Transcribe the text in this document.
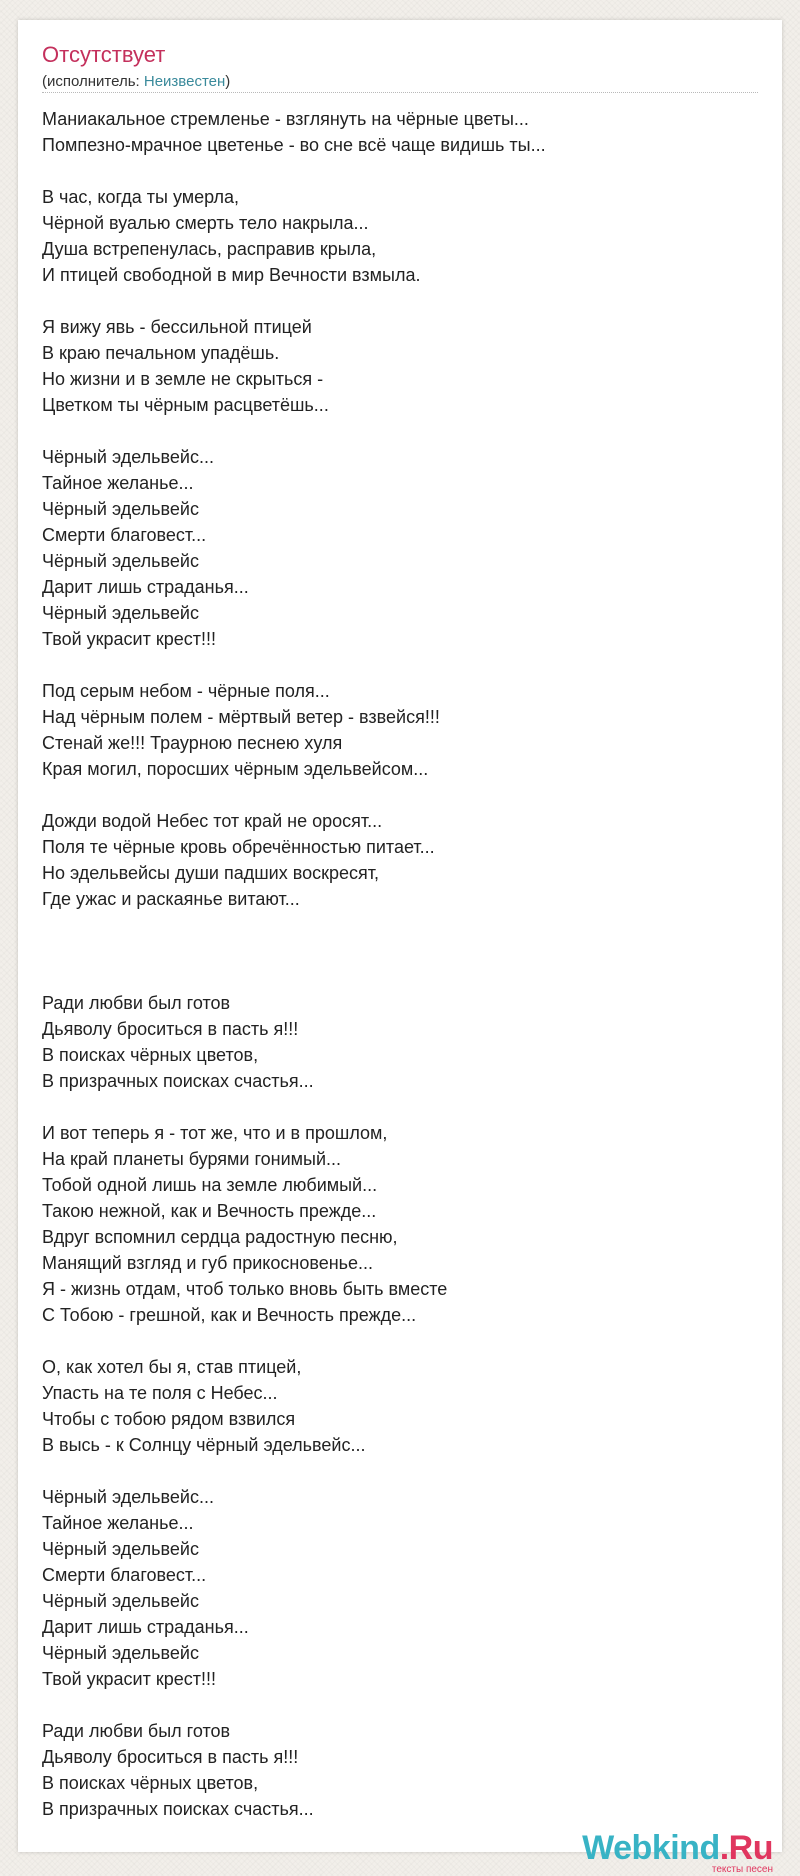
Отсутствует
(исполнитель: Неизвестен)
Маниакальное стремленье - взглянуть на чёрные цветы...
Помпезно-мрачное цветенье - во сне всё чаще видишь ты...

В час, когда ты умерла,
Чёрной вуалью смерть тело накрыла...
Душа встрепенулась, расправив крыла,
И птицей свободной в мир Вечности взмыла.

Я вижу явь - бессильной птицей
В краю печальном упадёшь.
Но жизни и в земле не скрыться -
Цветком ты чёрным расцветёшь...

Чёрный эдельвейс...
Тайное желанье...
Чёрный эдельвейс
Смерти благовест...
Чёрный эдельвейс
Дарит лишь страданья...
Чёрный эдельвейс
Твой украсит крест!!!

Под серым небом - чёрные поля...
Над чёрным полем - мёртвый ветер - взвейся!!!
Стенай же!!! Траурною песнею хуля
Края могил, поросших чёрным эдельвейсом...

Дожди водой Небес тот край не оросят...
Поля те чёрные кровь обречённостью питает...
Но эдельвейсы души падших воскресят,
Где ужас и раскаянье витают...

Ради любви был готов
Дьяволу броситься в пасть я!!!
В поисках чёрных цветов,
В призрачных поисках счастья...

И вот теперь я - тот же, что и в прошлом,
На край планеты бурями гонимый...
Тобой одной лишь на земле любимый...
Такою нежной, как и Вечность прежде...
Вдруг вспомнил сердца радостную песню,
Манящий взгляд и губ прикосновенье...
Я - жизнь отдам, чтоб только вновь быть вместе
С Тобою - грешной, как и Вечность прежде...

О, как хотел бы я, став птицей,
Упасть на те поля с Небес...
Чтобы с тобою рядом взвился
В высь - к Солнцу чёрный эдельвейс...

Чёрный эдельвейс...
Тайное желанье...
Чёрный эдельвейс
Смерти благовест...
Чёрный эдельвейс
Дарит лишь страданья...
Чёрный эдельвейс
Твой украсит крест!!!

Ради любви был готов
Дьяволу броситься в пасть я!!!
В поисках чёрных цветов,
В призрачных поисках счастья...
Webkind.Ru
тексты песен
